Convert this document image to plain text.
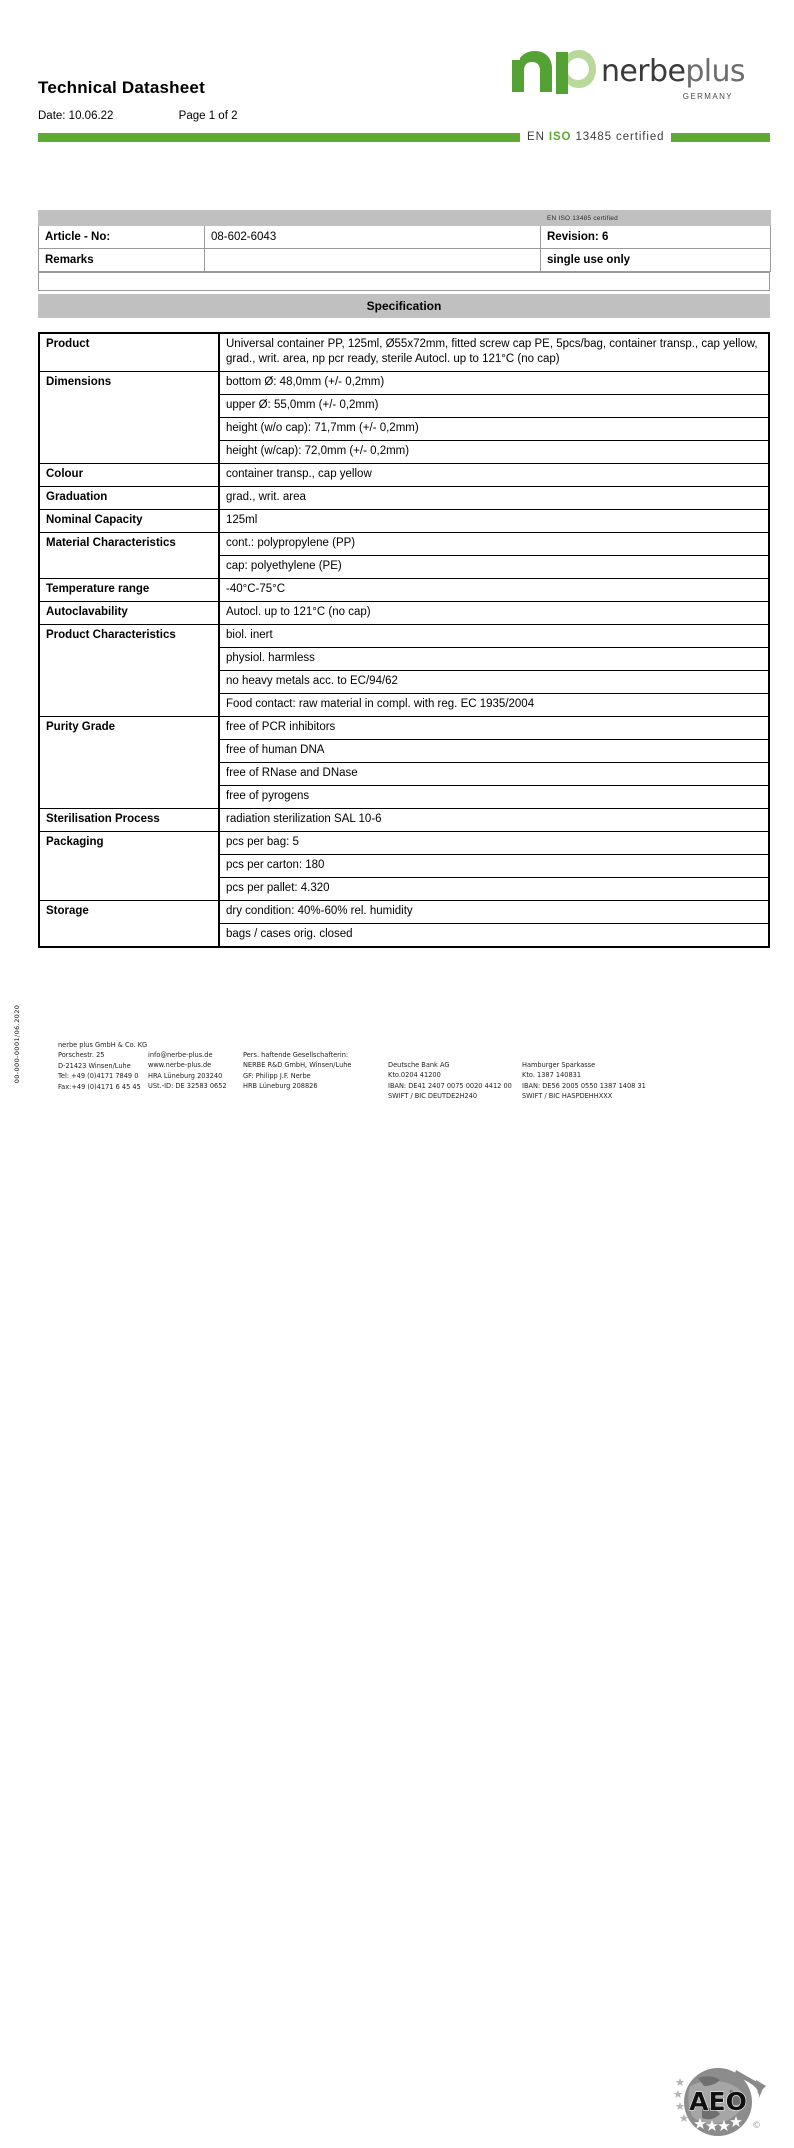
Technical Datasheet
Date: 10.06.22	Page 1 of 2
nerbeplus
GERMANY
EN ISO 13485 certified
		EN ISO 13485 certified
Article - No:	08-602-6043	Revision: 6
Remarks		single use only
Specification
Product	Universal container PP, 125ml, Ø55x72mm, fitted screw cap PE, 5pcs/bag, container transp., cap yellow, grad., writ. area, np pcr ready, sterile Autocl. up to 121°C (no cap)
Dimensions	bottom Ø: 48,0mm (+/- 0,2mm)
	upper Ø: 55,0mm (+/- 0,2mm)
	height (w/o cap): 71,7mm (+/- 0,2mm)
	height (w/cap): 72,0mm (+/- 0,2mm)
Colour	container transp., cap yellow
Graduation	grad., writ. area
Nominal Capacity	125ml
Material Characteristics	cont.: polypropylene (PP)
	cap: polyethylene (PE)
Temperature range	-40°C-75°C
Autoclavability	Autocl. up to 121°C (no cap)
Product Characteristics	biol. inert
	physiol. harmless
	no heavy metals acc. to EC/94/62
	Food contact: raw material in compl. with reg. EC 1935/2004
Purity Grade	free of PCR inhibitors
	free of human DNA
	free of RNase and DNase
	free of pyrogens
Sterilisation Process	radiation sterilization SAL 10-6
Packaging	pcs per bag: 5
	pcs per carton: 180
	pcs per pallet: 4.320
Storage	dry condition: 40%-60% rel. humidity
	bags / cases orig. closed
00-000-0001/06.2020	nerbe plus GmbH & Co. KG
Porschestr. 25
D-21423 Winsen/Luhe
Tel: +49 (0)4171 7849 0
Fax:+49 (0)4171 6 45 45
info@nerbe-plus.de
www.nerbe-plus.de
HRA Lüneburg 203240
USt.-ID: DE 32583 0652
Pers. haftende Gesellschafterin:
NERBE R&D GmbH, Winsen/Luhe
GF: Philipp J.F. Nerbe
HRB Lüneburg 208826
Deutsche Bank AG
Kto.0204 41200
IBAN: DE41 2407 0075 0020 4412 00
SWIFT / BIC DEUTDE2H240
Hamburger Sparkasse
Kto. 1387 140831
IBAN: DE56 2005 0550 1387 1408 31
SWIFT / BIC HASPDEHHXXX
AEO
©
